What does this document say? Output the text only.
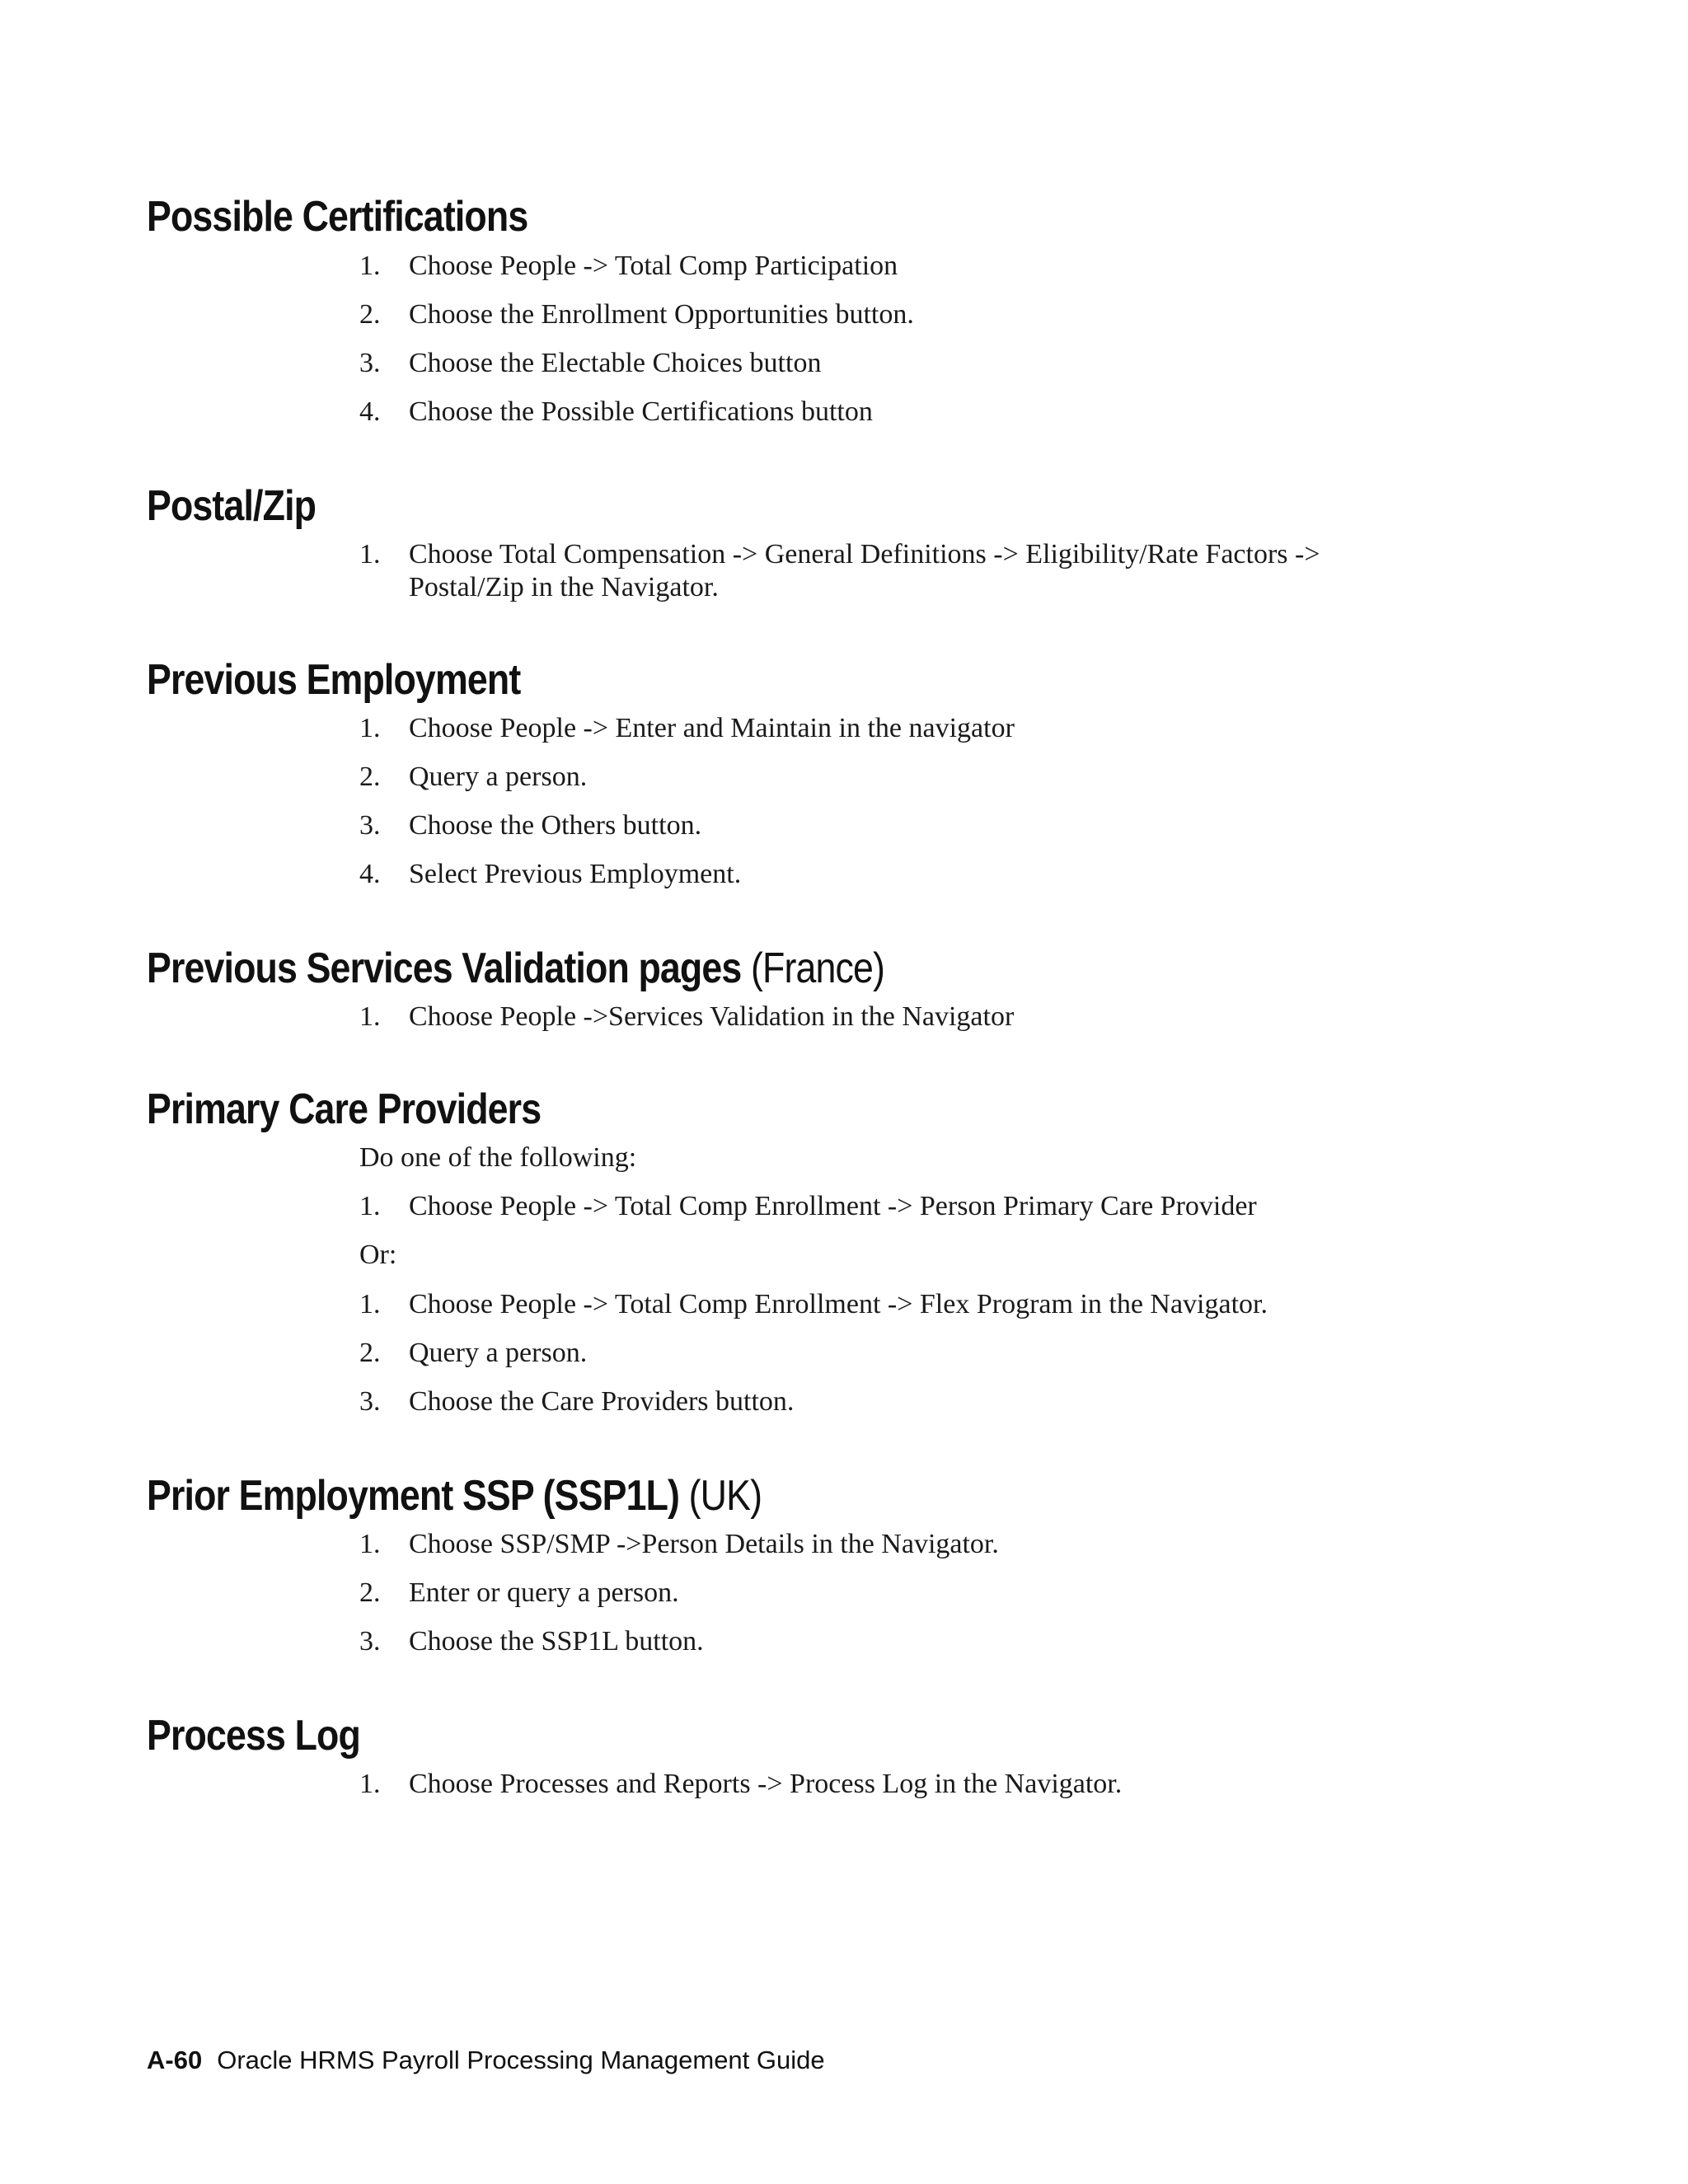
Possible Certifications
1.	Choose People -> Total Comp Participation
2.	Choose the Enrollment Opportunities button.
3.	Choose the Electable Choices button
4.	Choose the Possible Certifications button
Postal/Zip
1.	Choose Total Compensation -> General Definitions -> Eligibility/Rate Factors -> Postal/Zip in the Navigator.
Previous Employment
1.	Choose People -> Enter and Maintain in the navigator
2.	Query a person.
3.	Choose the Others button.
4.	Select Previous Employment.
Previous Services Validation pages (France)
1.	Choose People ->Services Validation in the Navigator
Primary Care Providers
Do one of the following:
1.	Choose People -> Total Comp Enrollment -> Person Primary Care Provider
Or:
1.	Choose People -> Total Comp Enrollment -> Flex Program in the Navigator.
2.	Query a person.
3.	Choose the Care Providers button.
Prior Employment SSP (SSP1L) (UK)
1.	Choose SSP/SMP ->Person Details in the Navigator.
2.	Enter or query a person.
3.	Choose the SSP1L button.
Process Log
1.	Choose Processes and Reports -> Process Log in the Navigator.
A-60 Oracle HRMS Payroll Processing Management Guide
